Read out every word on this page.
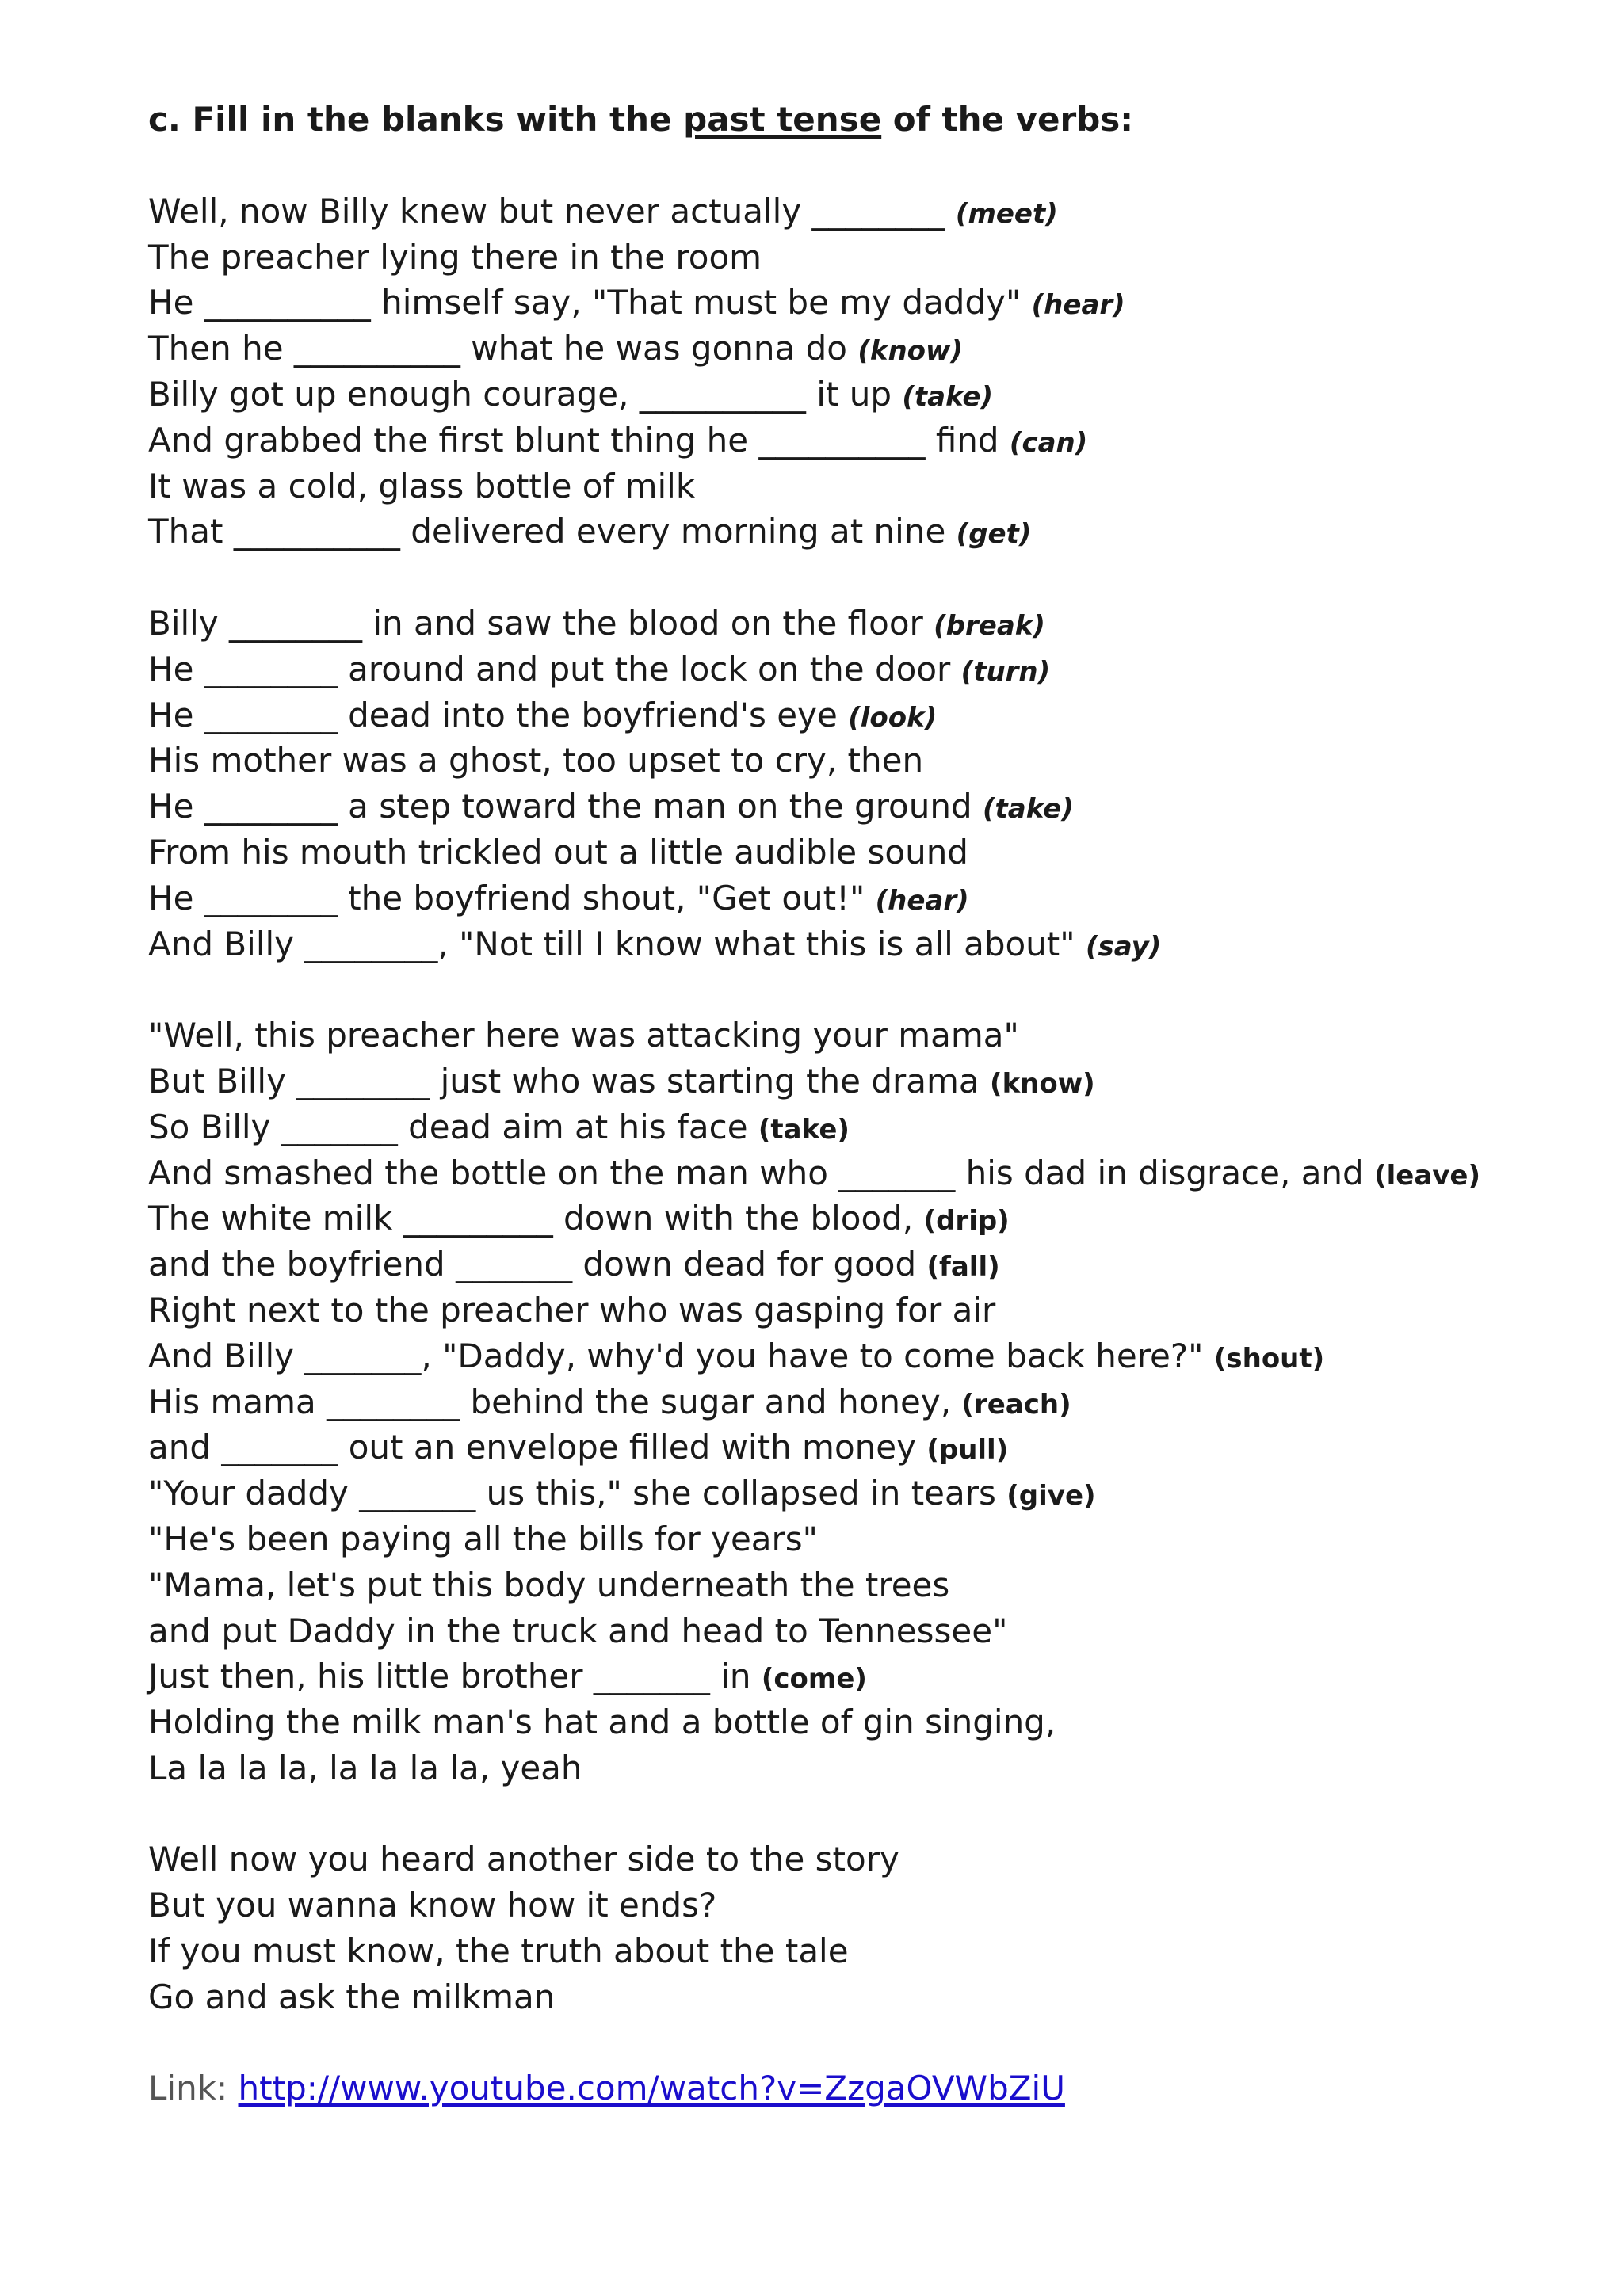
c. Fill in the blanks with the past tense of the verbs:
Well, now Billy knew but never actually ________ (meet)
The preacher lying there in the room
He __________ himself say, "That must be my daddy" (hear)
Then he __________ what he was gonna do (know)
Billy got up enough courage, __________ it up (take)
And grabbed the first blunt thing he __________ find (can)
It was a cold, glass bottle of milk
That __________ delivered every morning at nine (get)
Billy ________ in and saw the blood on the floor (break)
He ________ around and put the lock on the door (turn)
He ________ dead into the boyfriend's eye (look)
His mother was a ghost, too upset to cry, then
He ________ a step toward the man on the ground (take)
From his mouth trickled out a little audible sound
He ________ the boyfriend shout, "Get out!" (hear)
And Billy ________, "Not till I know what this is all about" (say)
"Well, this preacher here was attacking your mama"
But Billy ________ just who was starting the drama (know)
So Billy _______ dead aim at his face (take)
And smashed the bottle on the man who _______ his dad in disgrace, and (leave)
The white milk _________ down with the blood, (drip)
and the boyfriend _______ down dead for good (fall)
Right next to the preacher who was gasping for air
And Billy _______, "Daddy, why'd you have to come back here?" (shout)
His mama ________ behind the sugar and honey, (reach)
and _______ out an envelope filled with money (pull)
"Your daddy _______ us this," she collapsed in tears (give)
"He's been paying all the bills for years"
"Mama, let's put this body underneath the trees
and put Daddy in the truck and head to Tennessee"
Just then, his little brother _______ in (come)
Holding the milk man's hat and a bottle of gin singing,
La la la la, la la la la, yeah
Well now you heard another side to the story
But you wanna know how it ends?
If you must know, the truth about the tale
Go and ask the milkman
Link: http://www.youtube.com/watch?v=ZzgaOVWbZiU
